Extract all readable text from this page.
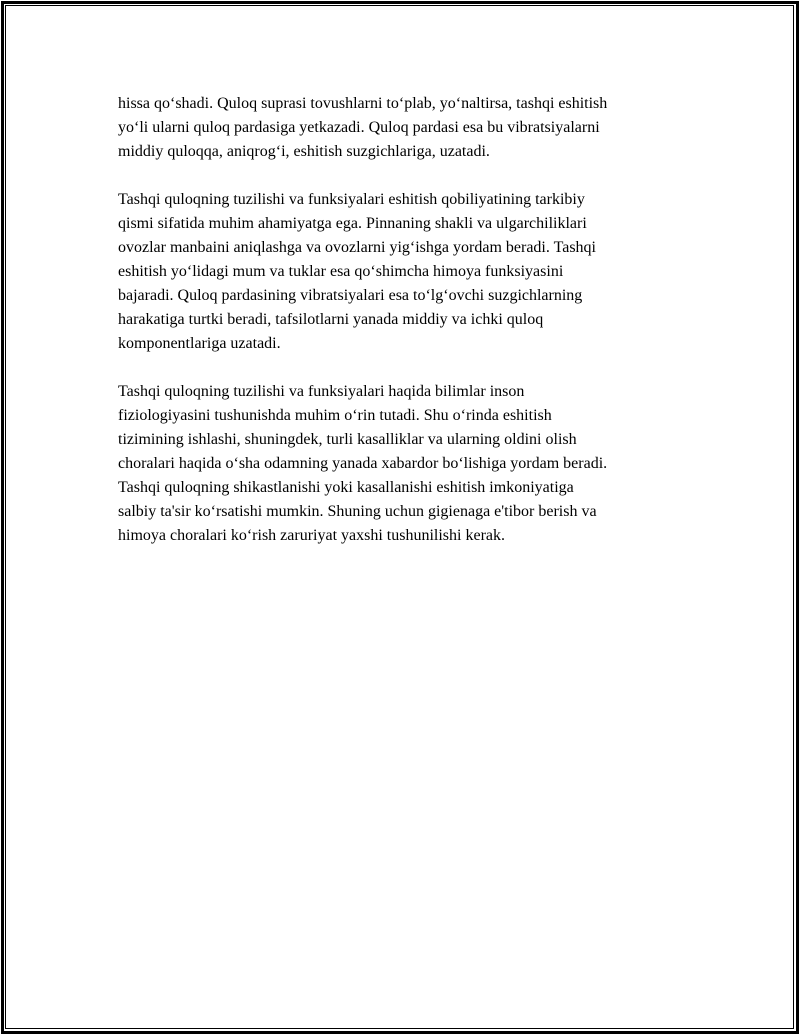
hissa qo‘shadi. Quloq suprasi tovushlarni to‘plab, yo‘naltirsa, tashqi eshitish
yo‘li ularni quloq pardasiga yetkazadi. Quloq pardasi esa bu vibratsiyalarni
middiy quloqqa, aniqrog‘i, eshitish suzgichlariga, uzatadi.

Tashqi quloqning tuzilishi va funksiyalari eshitish qobiliyatining tarkibiy
qismi sifatida muhim ahamiyatga ega. Pinnaning shakli va ulgarchiliklari
ovozlar manbaini aniqlashga va ovozlarni yig‘ishga yordam beradi. Tashqi
eshitish yo‘lidagi mum va tuklar esa qo‘shimcha himoya funksiyasini
bajaradi. Quloq pardasining vibratsiyalari esa to‘lg‘ovchi suzgichlarning
harakatiga turtki beradi, tafsilotlarni yanada middiy va ichki quloq
komponentlariga uzatadi.

Tashqi quloqning tuzilishi va funksiyalari haqida bilimlar inson
fiziologiyasini tushunishda muhim o‘rin tutadi. Shu o‘rinda eshitish
tizimining ishlashi, shuningdek, turli kasalliklar va ularning oldini olish
choralari haqida o‘sha odamning yanada xabardor bo‘lishiga yordam beradi.
Tashqi quloqning shikastlanishi yoki kasallanishi eshitish imkoniyatiga
salbiy ta'sir ko‘rsatishi mumkin. Shuning uchun gigienaga e'tibor berish va
himoya choralari ko‘rish zaruriyat yaxshi tushunilishi kerak.
